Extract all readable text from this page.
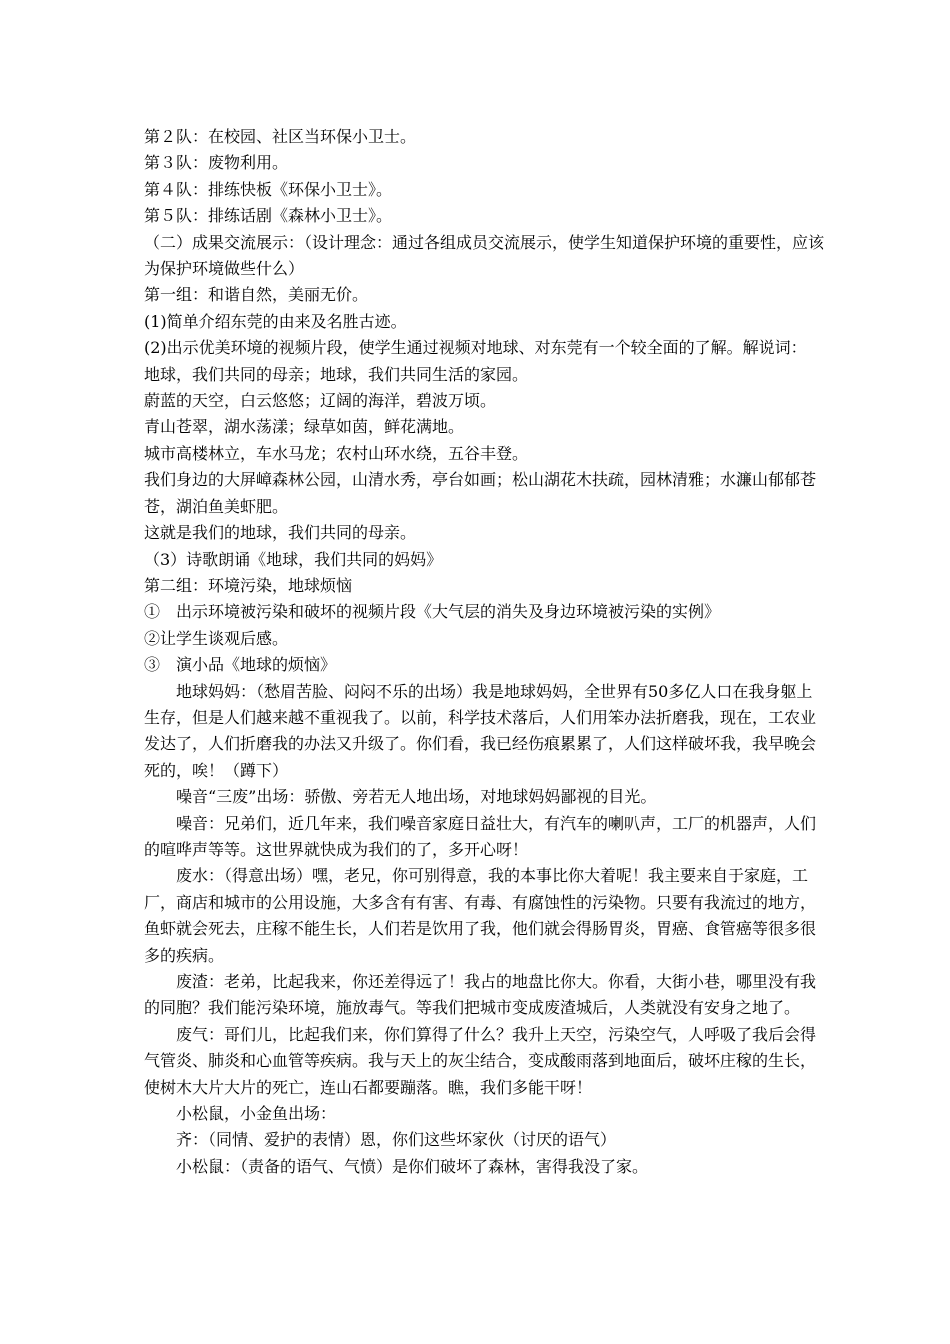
第２队：在校园、社区当环保小卫士。

第３队：废物利用。

第４队：排练快板《环保小卫士》。

第５队：排练话剧《森林小卫士》。

（二）成果交流展示：（设计理念：通过各组成员交流展示，使学生知道保护环境的重要性，应该为保护环境做些什么）

第一组：和谐自然，美丽无价。

(1)简单介绍东莞的由来及名胜古迹。

(2)出示优美环境的视频片段，使学生通过视频对地球、对东莞有一个较全面的了解。解说词：

地球，我们共同的母亲；地球，我们共同生活的家园。

蔚蓝的天空，白云悠悠；辽阔的海洋，碧波万顷。

青山苍翠，湖水荡漾；绿草如茵，鲜花满地。

城市高楼林立，车水马龙；农村山环水绕，五谷丰登。

我们身边的大屏嶂森林公园，山清水秀，亭台如画；松山湖花木扶疏，园林清雅；水濂山郁郁苍苍，湖泊鱼美虾肥。

这就是我们的地球，我们共同的母亲。

（3）诗歌朗诵《地球，我们共同的妈妈》

第二组：环境污染，地球烦恼

①　出示环境被污染和破坏的视频片段《大气层的消失及身边环境被污染的实例》

②让学生谈观后感。

③　演小品《地球的烦恼》

地球妈妈：（愁眉苦脸、闷闷不乐的出场）我是地球妈妈，全世界有50多亿人口在我身躯上生存，但是人们越来越不重视我了。以前，科学技术落后，人们用笨办法折磨我，现在，工农业发达了，人们折磨我的办法又升级了。你们看，我已经伤痕累累了，人们这样破坏我，我早晚会死的，唉！（蹲下）

噪音“三废”出场：骄傲、旁若无人地出场，对地球妈妈鄙视的目光。

噪音：兄弟们，近几年来，我们噪音家庭日益壮大，有汽车的喇叭声，工厂的机器声，人们的喧哗声等等。这世界就快成为我们的了，多开心呀！

废水：（得意出场）嘿，老兄，你可别得意，我的本事比你大着呢！我主要来自于家庭，工厂，商店和城市的公用设施，大多含有有害、有毒、有腐蚀性的污染物。只要有我流过的地方，鱼虾就会死去，庄稼不能生长，人们若是饮用了我，他们就会得肠胃炎，胃癌、食管癌等很多很多的疾病。

废渣：老弟，比起我来，你还差得远了！我占的地盘比你大。你看，大街小巷，哪里没有我的同胞？我们能污染环境，施放毒气。等我们把城市变成废渣城后，人类就没有安身之地了。

废气：哥们儿，比起我们来，你们算得了什么？我升上天空，污染空气，人呼吸了我后会得气管炎、肺炎和心血管等疾病。我与天上的灰尘结合，变成酸雨落到地面后，破坏庄稼的生长，使树木大片大片的死亡，连山石都要蹦落。瞧，我们多能干呀！

小松鼠，小金鱼出场：

齐：（同情、爱护的表情）恩，你们这些坏家伙（讨厌的语气）

小松鼠：（责备的语气、气愤）是你们破坏了森林，害得我没了家。
